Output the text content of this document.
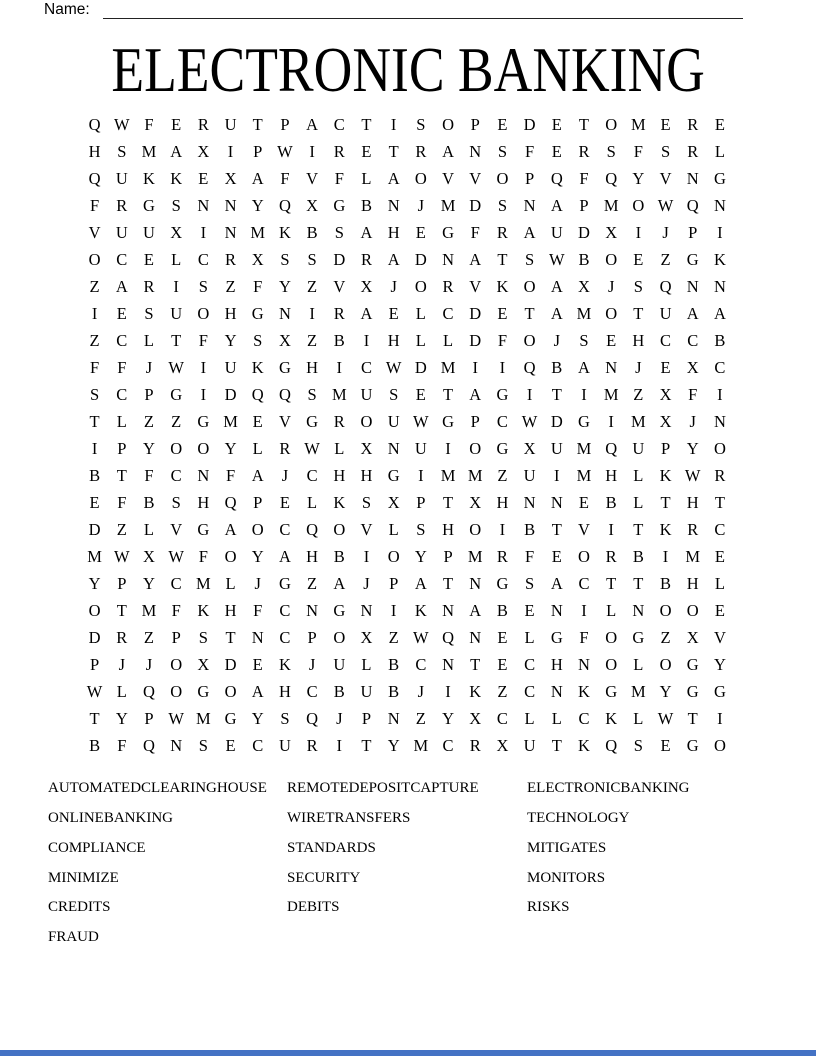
Name:
ELECTRONIC BANKING
Q W F	E	R U T	P	A C	T	I	S	O	P	E D E	T O M E	R	E
H	S M A X	I	P W	I	R	E	T	R A N	S	F	E	R	S	F	S	R	L
Q U K K E X A	F	V	F	L A O V V O	P	Q	F	Q Y V N G
F	R G	S	N N Y Q X G B N	J	M D	S	N A	P M O W Q N
V U U X	I	N M K B	S	A H E G	F	R A U D X	I	J	P	I
O C	E	L	C R X	S	S	D R A D N A T	S W B O E	Z G K
Z A R	I	S	Z	F	Y Z V X	J	O R V K O A X	J	S	Q N N
I	E	S	U O H G N	I	R A E	L	C D E	T A M O T U A A
Z	C	L	T	F	Y	S	X Z	B	I	H L	L D	F	O	J	S	E H C C B
F	F	J W	I	U K G H	I	C W D M	I	I	Q B A N	J	E X C
S	C	P	G	I	D Q Q	S M U	S	E	T A G	I	T	I	M Z X	F	I
T	L	Z	Z G M E V G R O U W G	P	C W D G	I	M X	J	N
I	P	Y O O Y L	R W L X N U	I	O G X U M Q U	P	Y O
B	T	F	C N	F	A	J	C H H G	I	M M Z U	I	M H L K W R
E	F	B	S	H Q	P	E	L K	S	X	P	T X H N N E	B	L	T H T
D Z	L V G A O C Q O V L	S	H O	I	B	T V	I	T K R C
M W X W F	O Y A H B	I	O Y	P M R	F	E O R B	I	M E
Y	P	Y C M L	J	G Z A	J	P	A T N G	S	A C	T	T	B H L
O T M F	K H	F	C N G N	I	K N A B	E N	I	L N O O E
D R	Z	P	S	T N C	P	O X Z W Q N E	L G	F	O G Z X V
P	J	J	O X D E K	J	U L	B C N T	E	C H N O L O G Y
W L Q O G O A H C B U B	J	I	K Z	C N K G M Y G G
T Y	P W M G Y	S	Q	J	P	N Z Y X C	L	L	C K L W T	I
B	F	Q N	S	E	C U R	I	T Y M C R X U T K Q	S	E G O
AUTOMATEDCLEARINGHOUSE
ONLINEBANKING
COMPLIANCE
MINIMIZE
CREDITS
FRAUD
REMOTEDEPOSITCAPTURE
WIRETRANSFERS
STANDARDS
SECURITY
DEBITS
ELECTRONICBANKING
TECHNOLOGY
MITIGATES
MONITORS
RISKS
